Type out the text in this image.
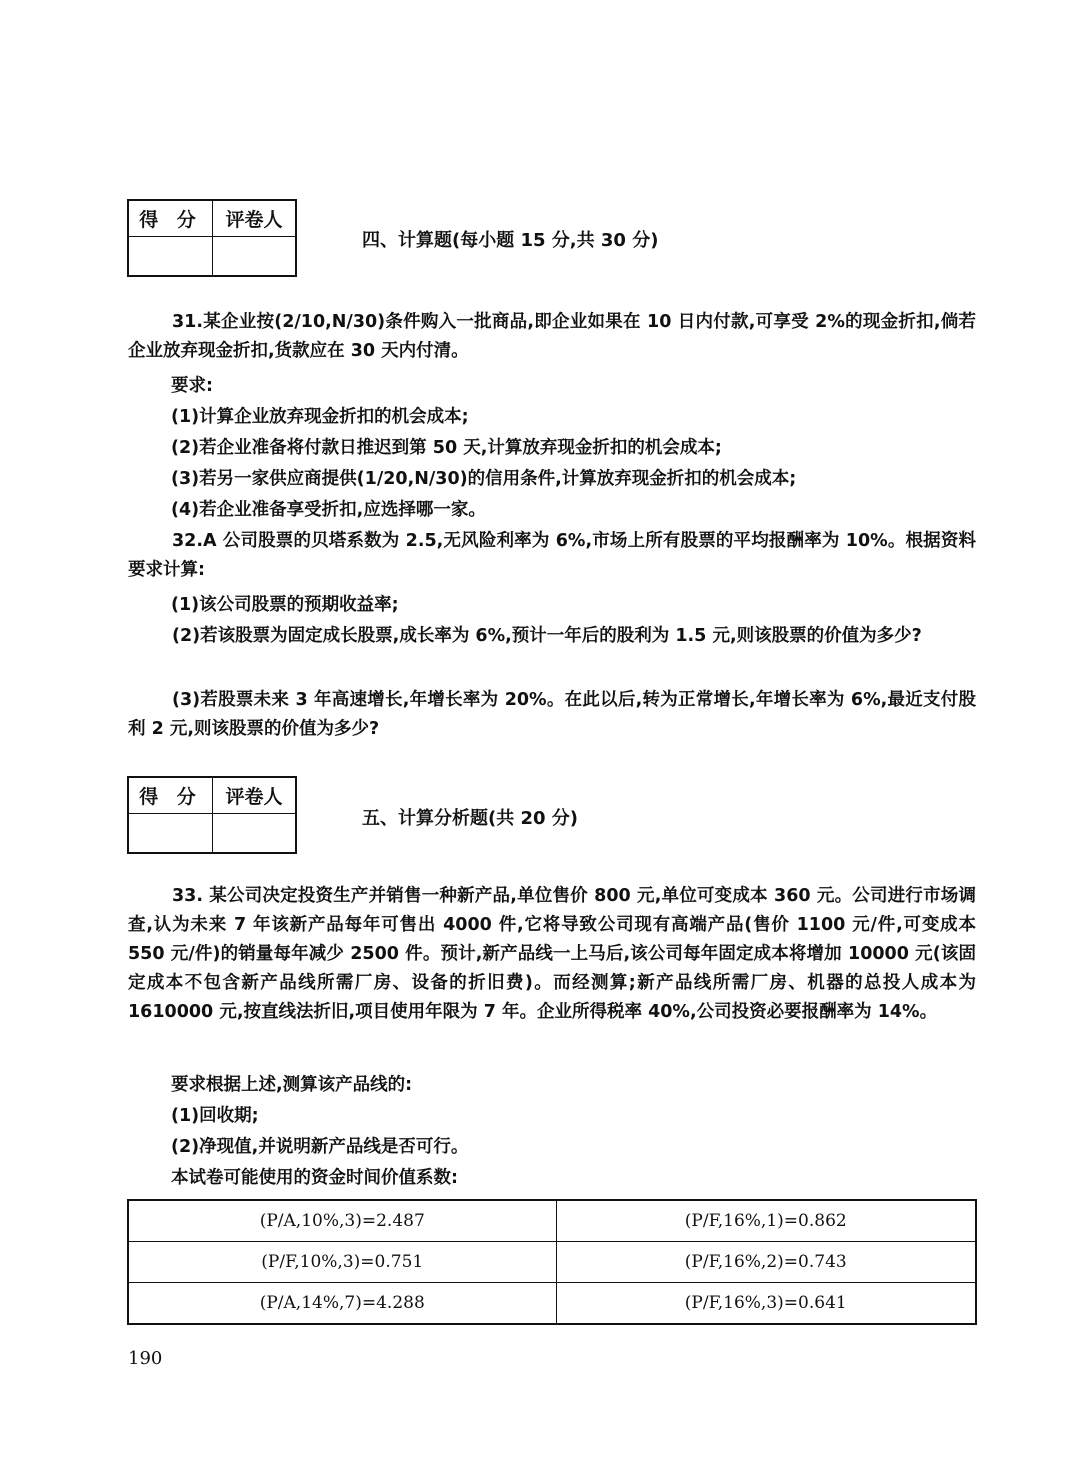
得 分	评卷人
四、计算题(每小题 15 分,共 30 分)
31.某企业按(2/10,N/30)条件购入一批商品,即企业如果在 10 日内付款,可享受 2%的现金折扣,倘若企业放弃现金折扣,货款应在 30 天内付清。
要求:
(1)计算企业放弃现金折扣的机会成本;
(2)若企业准备将付款日推迟到第 50 天,计算放弃现金折扣的机会成本;
(3)若另一家供应商提供(1/20,N/30)的信用条件,计算放弃现金折扣的机会成本;
(4)若企业准备享受折扣,应选择哪一家。
32.A 公司股票的贝塔系数为 2.5,无风险利率为 6%,市场上所有股票的平均报酬率为 10%。根据资料要求计算:
(1)该公司股票的预期收益率;
(2)若该股票为固定成长股票,成长率为 6%,预计一年后的股利为 1.5 元,则该股票的价值为多少?
(3)若股票未来 3 年高速增长,年增长率为 20%。在此以后,转为正常增长,年增长率为 6%,最近支付股利 2 元,则该股票的价值为多少?
得 分	评卷人
五、计算分析题(共 20 分)
33. 某公司决定投资生产并销售一种新产品,单位售价 800 元,单位可变成本 360 元。公司进行市场调查,认为未来 7 年该新产品每年可售出 4000 件,它将导致公司现有高端产品(售价 1100 元/件,可变成本 550 元/件)的销量每年减少 2500 件。预计,新产品线一上马后,该公司每年固定成本将增加 10000 元(该固定成本不包含新产品线所需厂房、设备的折旧费)。而经测算;新产品线所需厂房、机器的总投人成本为 1610000 元,按直线法折旧,项目使用年限为 7 年。企业所得税率 40%,公司投资必要报酬率为 14%。
要求根据上述,测算该产品线的:
(1)回收期;
(2)净现值,并说明新产品线是否可行。
本试卷可能使用的资金时间价值系数:
(P/A,10%,3)=2.487	(P/F,16%,1)=0.862
(P/F,10%,3)=0.751	(P/F,16%,2)=0.743
(P/A,14%,7)=4.288	(P/F,16%,3)=0.641
190
